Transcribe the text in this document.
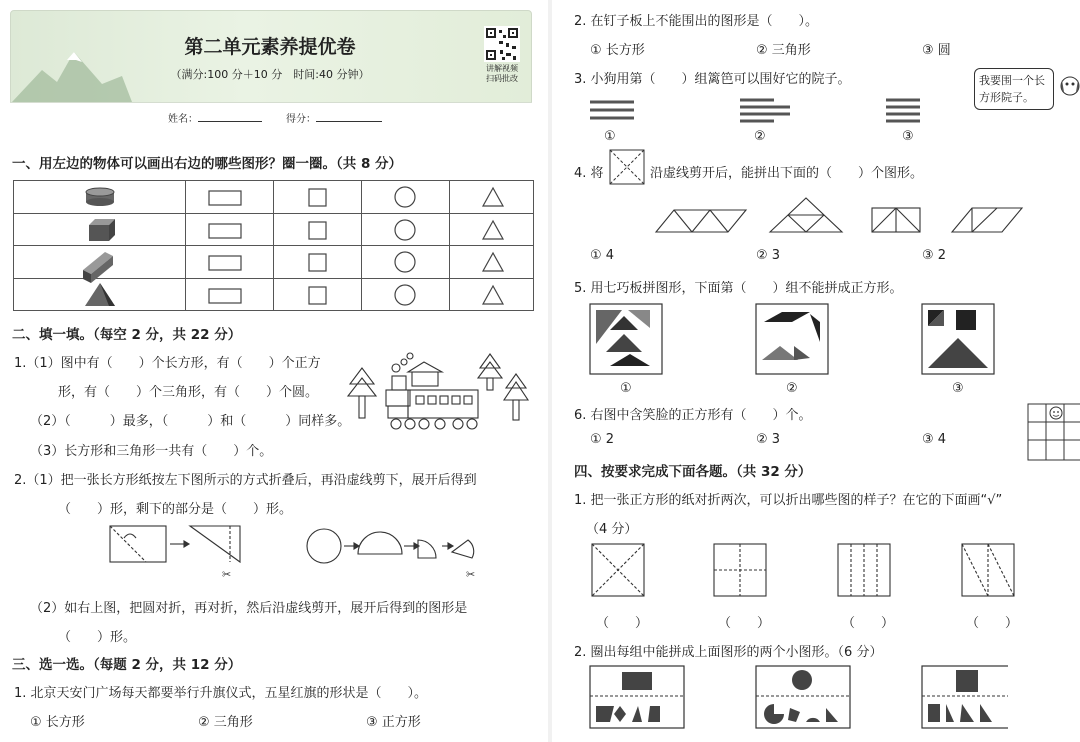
第二单元素养提优卷
（满分:100 分＋10 分　时间:40 分钟）	讲解视频
扫码批改
姓名：	得分：
一、用左边的物体可以画出右边的哪些图形？圈一圈。（共 8 分）

二、填一填。（每空 2 分，共 22 分）
1.（1）图中有（　　）个长方形，有（　　）个正方
形，有（　　）个三角形，有（　　）个圆。
（2）（　　　）最多，（　　　）和（　　　）同样多。
（3）长方形和三角形一共有（　　）个。
2.（1）把一张长方形纸按左下图所示的方式折叠后，再沿虚线剪下，展开后得到
（　　）形，剩下的部分是（　　）形。
✂	✂
（2）如右上图，把圆对折，再对折，然后沿虚线剪开，展开后得到的图形是
（　　）形。
三、选一选。（每题 2 分，共 12 分）
1. 北京天安门广场每天都要举行升旗仪式，五星红旗的形状是（　　）。
① 长方形	② 三角形	③ 正方形
2. 在钉子板上不能围出的图形是（　　）。
① 长方形	② 三角形	③ 圆
3. 小狗用第（　　）组篱笆可以围好它的院子。	我要围一个长方形院子。
①	②	③
4. 将	沿虚线剪开后，能拼出下面的（　　）个图形。
① 4	② 3	③ 2
5. 用七巧板拼图形，下面第（　　）组不能拼成正方形。
①	②	③
6. 右图中含笑脸的正方形有（　　）个。
① 2	② 3	③ 4
四、按要求完成下面各题。（共 32 分）
1. 把一张正方形的纸对折两次，可以折出哪些图的样子？在它的下面画“√”
（4 分）
（　　）	（　　）	（　　）	（　　）
2. 圈出每组中能拼成上面图形的两个小图形。（6 分）
